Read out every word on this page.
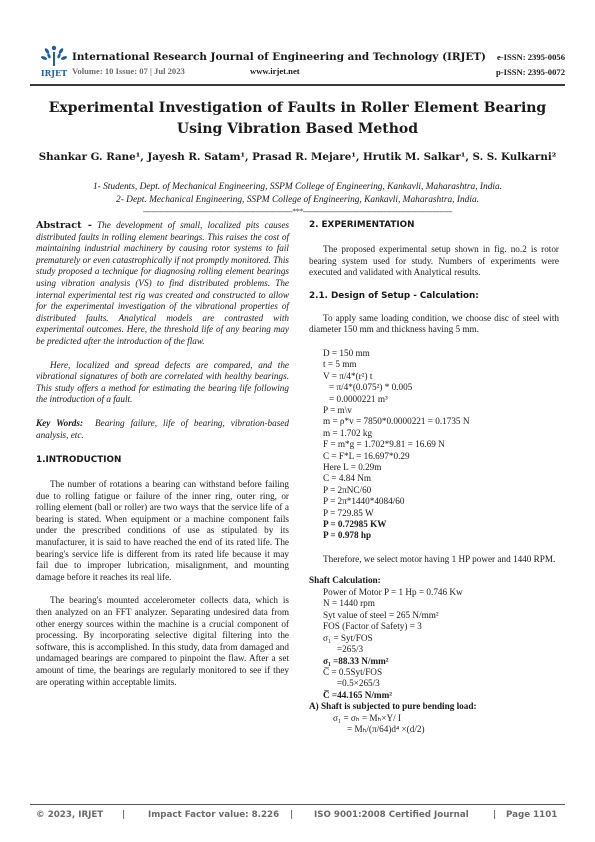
IRJET
International Research Journal of Engineering and Technology (IRJET)
Volume: 10 Issue: 07 | Jul 2023	www.irjet.net
e-ISSN: 2395-0056
p-ISSN: 2395-0072
Experimental Investigation of Faults in Roller Element Bearing Using Vibration Based Method
Shankar G. Rane¹, Jayesh R. Satam¹, Prasad R. Mejare¹, Hrutik M. Salkar¹, S. S. Kulkarni²
1- Students, Dept. of Mechanical Engineering, SSPM College of Engineering, Kankavli, Maharashtra, India.
2- Dept. Mechanical Engineering, SSPM College of Engineering, Kankavli, Maharashtra, India.
---------------------------------------------------------------------***---------------------------------------------------------------------

Abstract - The development of small, localized pits causes distributed faults in rolling element bearings. This raises the cost of maintaining industrial machinery by causing rotor systems to fail prematurely or even catastrophically if not promptly monitored. This study proposed a technique for diagnosing rolling element bearings using vibration analysis (VS) to find distributed problems. The internal experimental test rig was created and constructed to allow for the experimental investigation of the vibrational properties of distributed faults. Analytical models are contrasted with experimental outcomes. Here, the threshold life of any bearing may be predicted after the introduction of the flaw.

Here, localized and spread defects are compared, and the vibrational signatures of both are correlated with healthy bearings. This study offers a method for estimating the bearing life following the introduction of a fault.

Key Words: Bearing failure, life of bearing, vibration-based analysis, etc.

1.INTRODUCTION

The number of rotations a bearing can withstand before failing due to rolling fatigue or failure of the inner ring, outer ring, or rolling element (ball or roller) are two ways that the service life of a bearing is stated. When equipment or a machine component fails under the prescribed conditions of use as stipulated by its manufacturer, it is said to have reached the end of its rated life. The bearing's service life is different from its rated life because it may fail due to improper lubrication, misalignment, and mounting damage before it reaches its real life.

The bearing's mounted accelerometer collects data, which is then analyzed on an FFT analyzer. Separating undesired data from other energy sources within the machine is a crucial component of processing. By incorporating selective digital filtering into the software, this is accomplished. In this study, data from damaged and undamaged bearings are compared to pinpoint the flaw. After a set amount of time, the bearings are regularly monitored to see if they are operating within acceptable limits.

2. EXPERIMENTATION

The proposed experimental setup shown in fig. no.2 is rotor bearing system used for study. Numbers of experiments were executed and validated with Analytical results.

2.1. Design of Setup - Calculation:

To apply same loading condition, we choose disc of steel with diameter 150 mm and thickness having 5 mm.

D = 150 mm
t = 5 mm
V = π/4*(r²) t
= π/4*(0.075²) * 0.005
= 0.0000221 m³
P = m\v
m = ρ*v = 7850*0.0000221 = 0.1735 N
m = 1.702 kg
F = m*g = 1.702*9.81 = 16.69 N
C = F*L = 16.697*0.29
Here L = 0.29m
C = 4.84 Nm
P = 2πNC/60
P = 2π*1440*4084/60
P = 729.85 W
P = 0.72985 KW
P = 0.978 hp

Therefore, we select motor having 1 HP power and 1440 RPM.

Shaft Calculation:
Power of Motor P = 1 Hp = 0.746 Kw
N = 1440 rpm
Syt value of steel = 265 N/mm²
FOS (Factor of Safety) = 3
σ₁ = Syt/FOS
=265/3
σ₁ =88.33 N/mm²
C̅ = 0.5Syt/FOS
=0.5×265/3
C̅ =44.165 N/mm²
A) Shaft is subjected to pure bending load:
σ₁ = σₕ = Mₕ×Y/ I
= Mₕ/(π/64)d⁴ ×(d/2)
© 2023, IRJET |	Impact Factor value: 8.226 | ISO 9001:2008 Certified Journal	| Page 1101
